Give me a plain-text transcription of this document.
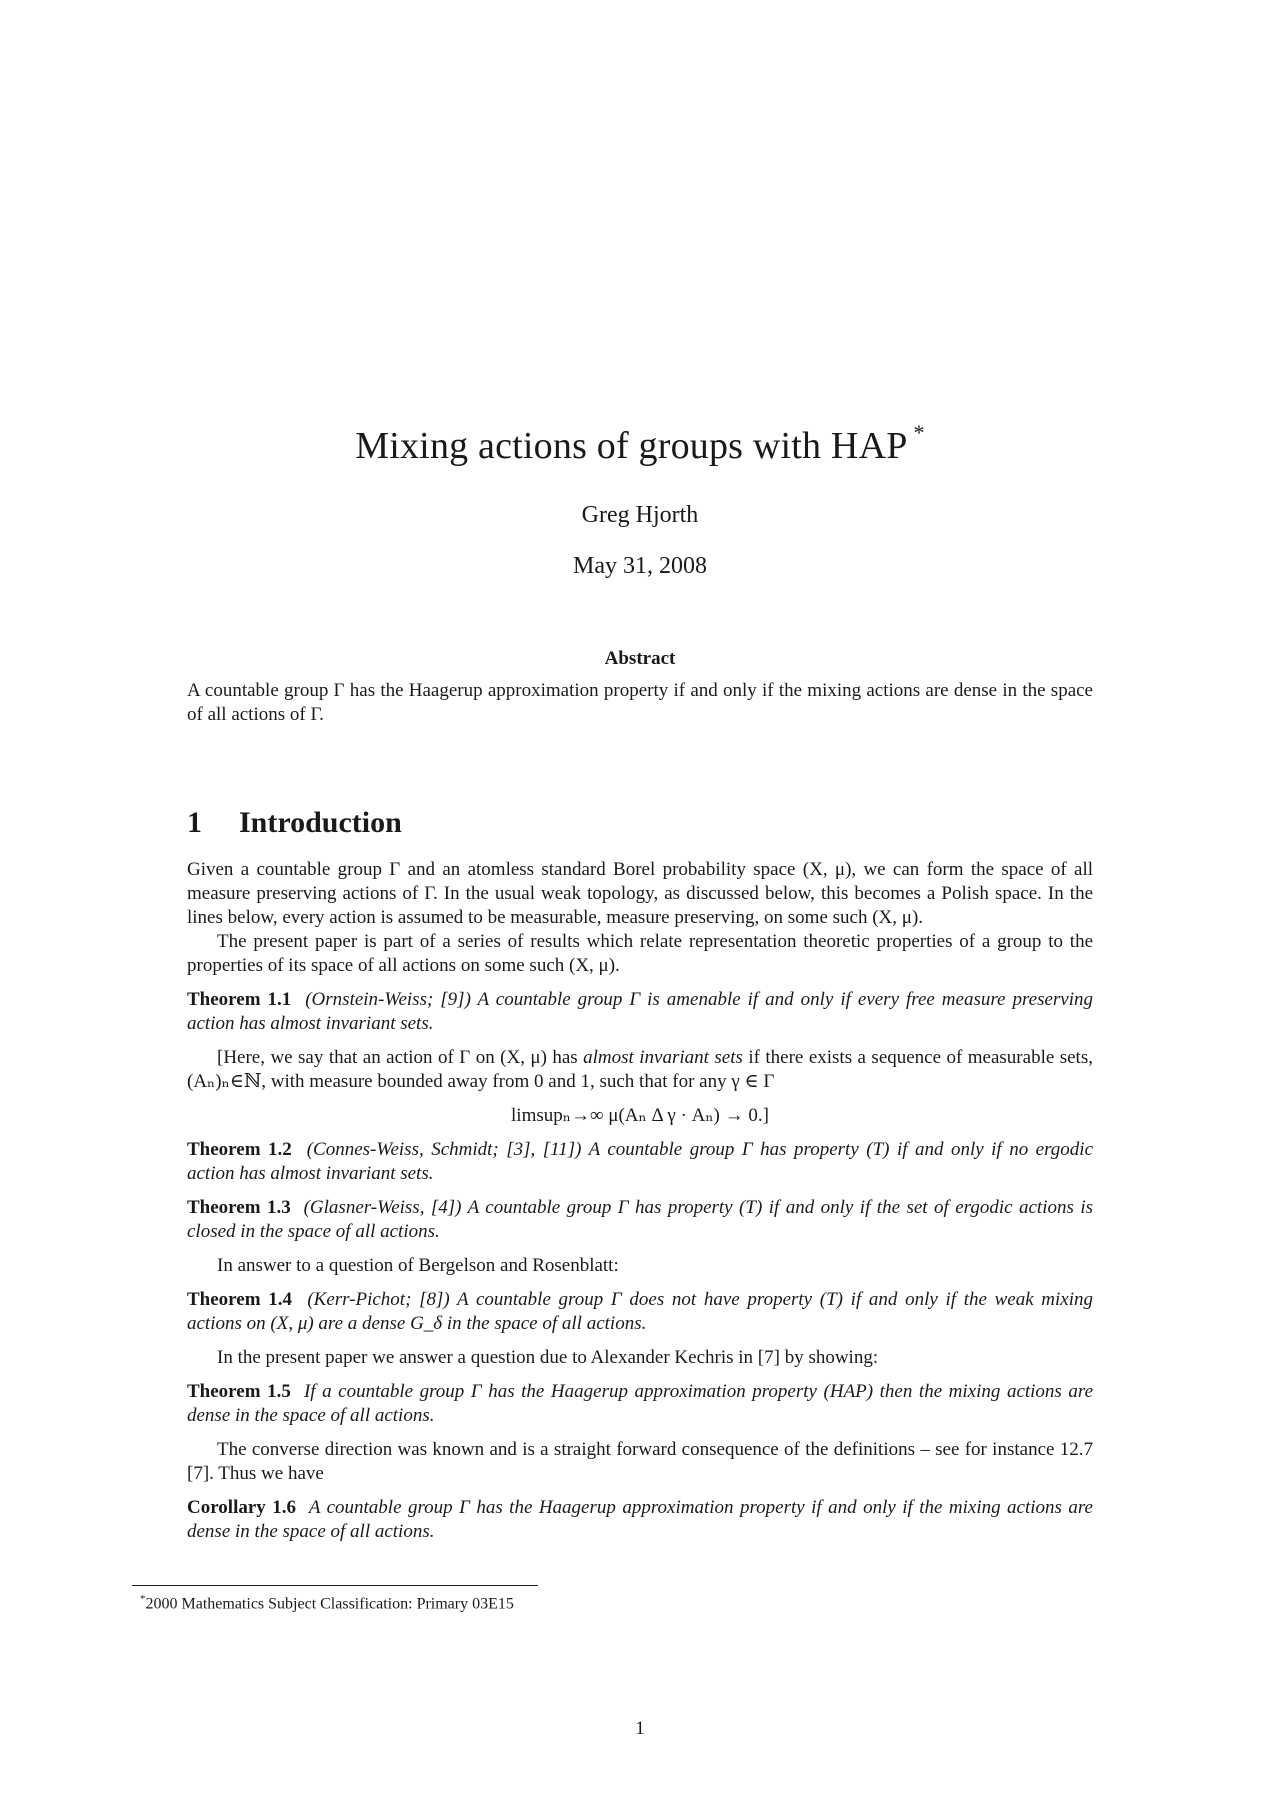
Mixing actions of groups with HAP *
Greg Hjorth
May 31, 2008
Abstract
A countable group Γ has the Haagerup approximation property if and only if the mixing actions are dense in the space of all actions of Γ.
1 Introduction

Given a countable group Γ and an atomless standard Borel probability space (X, μ), we can form the space of all measure preserving actions of Γ. In the usual weak topology, as discussed below, this becomes a Polish space. In the lines below, every action is assumed to be measurable, measure preserving, on some such (X, μ).

The present paper is part of a series of results which relate representation theoretic properties of a group to the properties of its space of all actions on some such (X, μ).

Theorem 1.1 (Ornstein-Weiss; [9]) A countable group Γ is amenable if and only if every free measure preserving action has almost invariant sets.

[Here, we say that an action of Γ on (X, μ) has almost invariant sets if there exists a sequence of measurable sets, (Aₙ)ₙ∈ℕ, with measure bounded away from 0 and 1, such that for any γ ∈ Γ

limsupₙ→∞ μ(Aₙ Δ γ · Aₙ) → 0.]

Theorem 1.2 (Connes-Weiss, Schmidt; [3], [11]) A countable group Γ has property (T) if and only if no ergodic action has almost invariant sets.

Theorem 1.3 (Glasner-Weiss, [4]) A countable group Γ has property (T) if and only if the set of ergodic actions is closed in the space of all actions.

In answer to a question of Bergelson and Rosenblatt:

Theorem 1.4 (Kerr-Pichot; [8]) A countable group Γ does not have property (T) if and only if the weak mixing actions on (X, μ) are a dense G_δ in the space of all actions.

In the present paper we answer a question due to Alexander Kechris in [7] by showing:

Theorem 1.5 If a countable group Γ has the Haagerup approximation property (HAP) then the mixing actions are dense in the space of all actions.

The converse direction was known and is a straight forward consequence of the definitions – see for instance 12.7 [7]. Thus we have

Corollary 1.6 A countable group Γ has the Haagerup approximation property if and only if the mixing actions are dense in the space of all actions.

*2000 Mathematics Subject Classification: Primary 03E15
1
